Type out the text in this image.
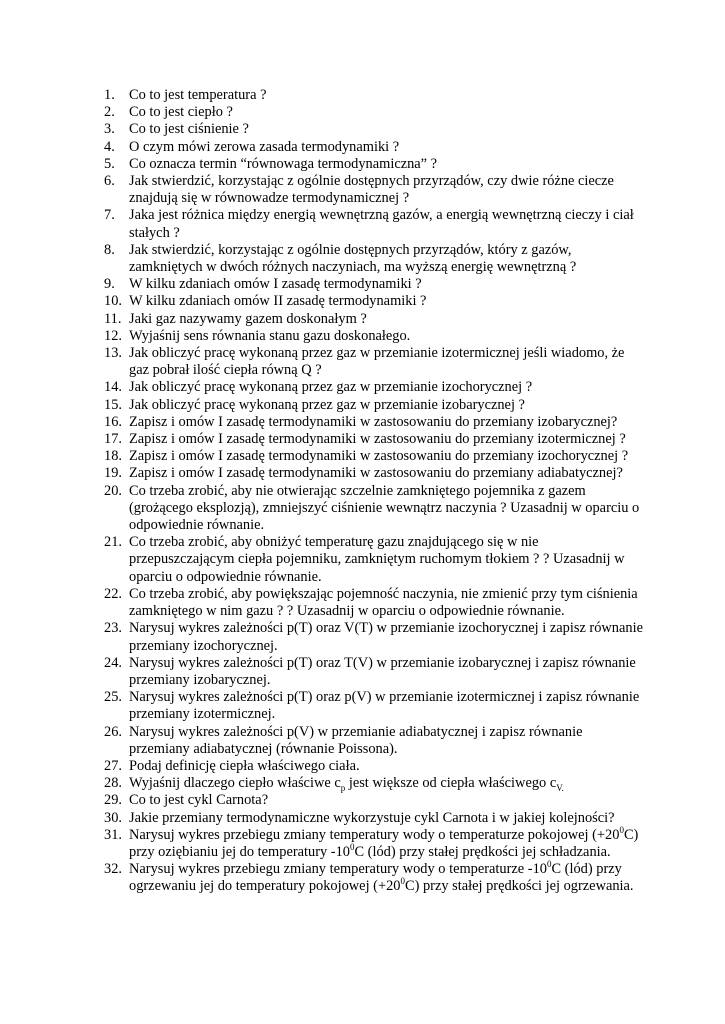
1. Co to jest temperatura ?
2. Co to jest ciepło ?
3. Co to jest ciśnienie ?
4. O czym mówi zerowa zasada termodynamiki ?
5. Co oznacza termin “równowaga termodynamiczna” ?
6. Jak stwierdzić, korzystając z ogólnie dostępnych przyrządów, czy dwie różne ciecze znajdują się w równowadze termodynamicznej ?
7. Jaka jest różnica między energią wewnętrzną gazów, a energią wewnętrzną cieczy i ciał stałych ?
8. Jak stwierdzić, korzystając z ogólnie dostępnych przyrządów, który z gazów, zamkniętych w dwóch różnych naczyniach, ma wyższą energię wewnętrzną ?
9. W kilku zdaniach omów I zasadę termodynamiki ?
10. W kilku zdaniach omów II zasadę termodynamiki ?
11. Jaki gaz nazywamy gazem doskonałym ?
12. Wyjaśnij sens równania stanu gazu doskonałego.
13. Jak obliczyć pracę wykonaną przez gaz w przemianie izotermicznej jeśli wiadomo, że gaz pobrał ilość ciepła równą Q ?
14. Jak obliczyć pracę wykonaną przez gaz w przemianie izochorycznej ?
15. Jak obliczyć pracę wykonaną przez gaz w przemianie izobarycznej ?
16. Zapisz i omów I zasadę termodynamiki w zastosowaniu do przemiany izobarycznej?
17. Zapisz i omów I zasadę termodynamiki w zastosowaniu do przemiany izotermicznej ?
18. Zapisz i omów I zasadę termodynamiki w zastosowaniu do przemiany izochorycznej ?
19. Zapisz i omów I zasadę termodynamiki w zastosowaniu do przemiany adiabatycznej?
20. Co trzeba zrobić, aby nie otwierając szczelnie zamkniętego pojemnika z gazem (grożącego eksplozją), zmniejszyć ciśnienie wewnątrz naczynia ? Uzasadnij w oparciu o odpowiednie równanie.
21. Co trzeba zrobić, aby obniżyć temperaturę gazu znajdującego się w nie przepuszczającym ciepła pojemniku, zamkniętym ruchomym tłokiem ? ? Uzasadnij w oparciu o odpowiednie równanie.
22. Co trzeba zrobić, aby powiększając pojemność naczynia, nie zmienić przy tym ciśnienia zamkniętego w nim gazu ? ? Uzasadnij w oparciu o odpowiednie równanie.
23. Narysuj wykres zależności p(T) oraz V(T) w przemianie izochorycznej i zapisz równanie przemiany izochorycznej.
24. Narysuj wykres zależności p(T) oraz T(V) w przemianie izobarycznej i zapisz równanie przemiany izobarycznej.
25. Narysuj wykres zależności p(T) oraz p(V) w przemianie izotermicznej i zapisz równanie przemiany izotermicznej.
26. Narysuj wykres zależności p(V) w przemianie adiabatycznej i zapisz równanie przemiany adiabatycznej (równanie Poissona).
27. Podaj definicję ciepła właściwego ciała.
28. Wyjaśnij dlaczego ciepło właściwe $c_p$ jest większe od ciepła właściwego $c_{V.}$
29. Co to jest cykl Carnota?
30. Jakie przemiany termodynamiczne wykorzystuje cykl Carnota i w jakiej kolejności?
31. Narysuj wykres przebiegu zmiany temperatury wody o temperaturze pokojowej $(+20^0C)$ przy oziębianiu jej do temperatury $-10^0C$ (lód) przy stałej prędkości jej schładzania.
32. Narysuj wykres przebiegu zmiany temperatury wody o temperaturze $-10^0C$ (lód) przy ogrzewaniu jej do temperatury pokojowej $(+20^0C)$ przy stałej prędkości jej ogrzewania.
